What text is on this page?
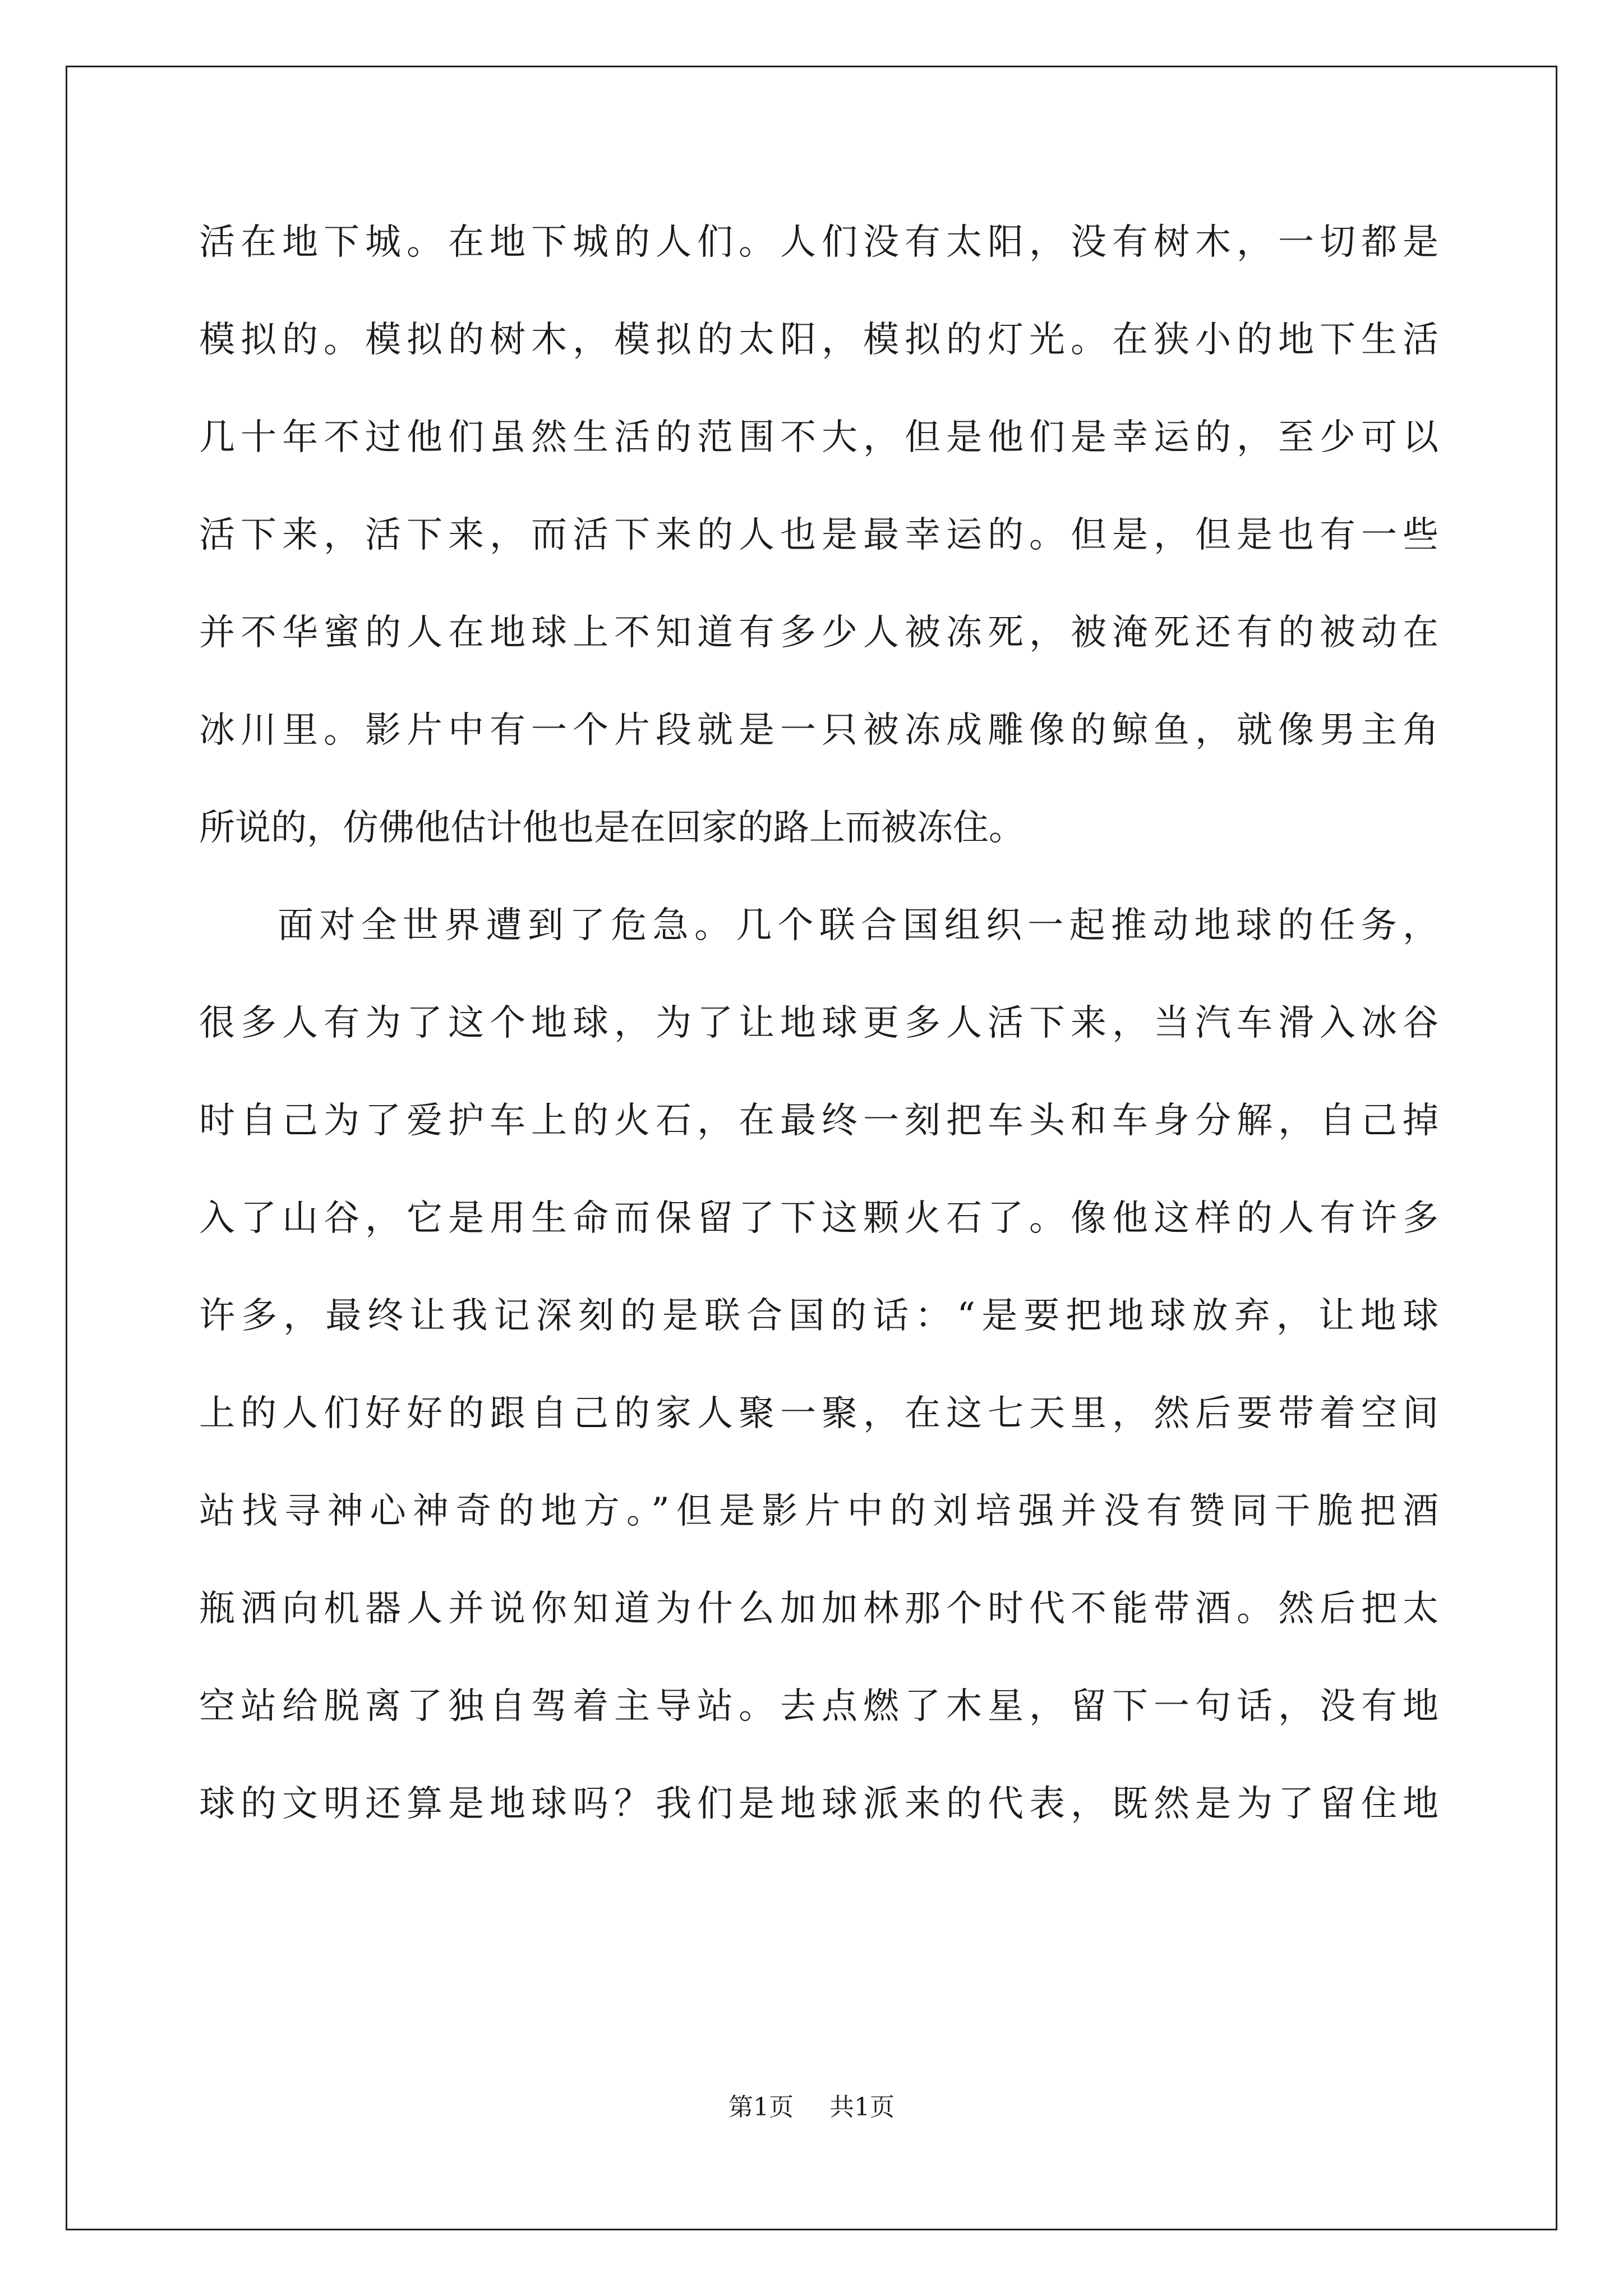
活在地下城。在地下城的人们。人们没有太阳，没有树木，一切都是
模拟的。模拟的树木，模拟的太阳，模拟的灯光。在狭小的地下生活
几十年不过他们虽然生活的范围不大，但是他们是幸运的，至少可以
活下来，活下来，而活下来的人也是最幸运的。但是，但是也有一些
并不华蜜的人在地球上不知道有多少人被冻死，被淹死还有的被动在
冰川里。影片中有一个片段就是一只被冻成雕像的鲸鱼，就像男主角
所说的，仿佛他估计他也是在回家的路上而被冻住。
面对全世界遭到了危急。几个联合国组织一起推动地球的任务，
很多人有为了这个地球，为了让地球更多人活下来，当汽车滑入冰谷
时自己为了爱护车上的火石，在最终一刻把车头和车身分解，自己掉
入了山谷，它是用生命而保留了下这颗火石了。像他这样的人有许多
许多，最终让我记深刻的是联合国的话：“是要把地球放弃，让地球
上的人们好好的跟自己的家人聚一聚，在这七天里，然后要带着空间
站找寻神心神奇的地方。”但是影片中的刘培强并没有赞同干脆把酒
瓶洒向机器人并说你知道为什么加加林那个时代不能带酒。然后把太
空站给脱离了独自驾着主导站。去点燃了木星，留下一句话，没有地
球的文明还算是地球吗？我们是地球派来的代表，既然是为了留住地
第1页 共1页
